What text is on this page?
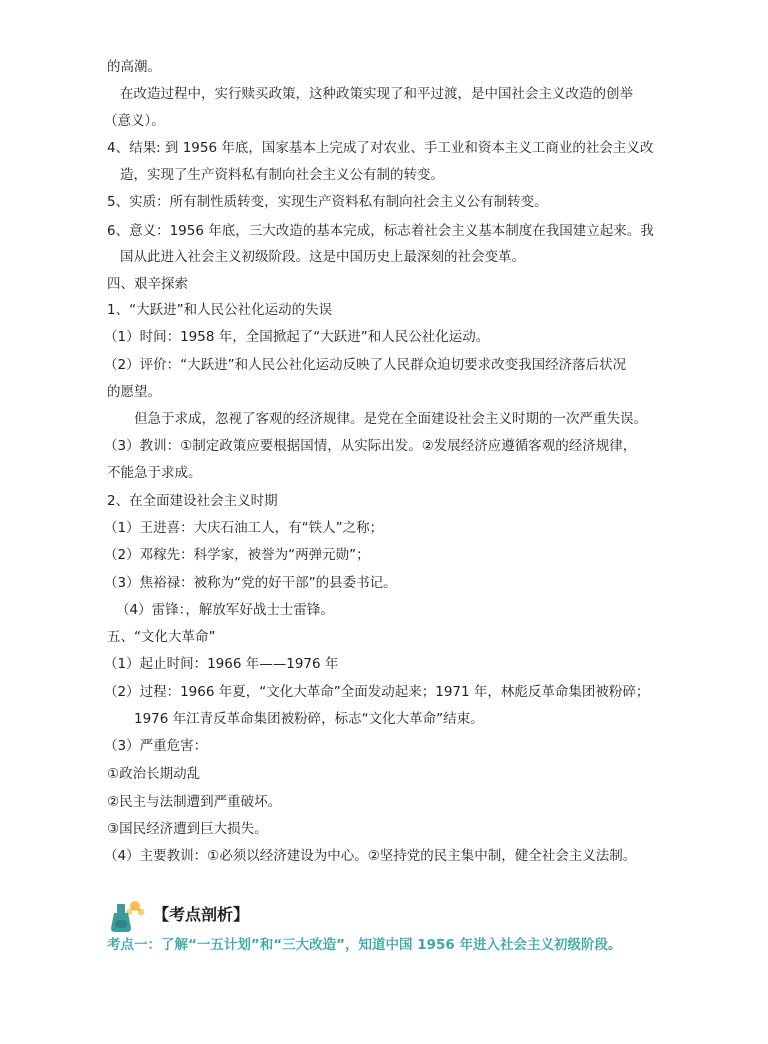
的高潮。
在改造过程中，实行赎买政策，这种政策实现了和平过渡，是中国社会主义改造的创举
（意义）。
4、结果: 到 1956 年底，国家基本上完成了对农业、手工业和资本主义工商业的社会主义改
造，实现了生产资料私有制向社会主义公有制的转变。
5、实质：所有制性质转变，实现生产资料私有制向社会主义公有制转变。
6、意义：1956 年底，三大改造的基本完成，标志着社会主义基本制度在我国建立起来。我
国从此进入社会主义初级阶段。这是中国历史上最深刻的社会变革。
四、艰辛探索
1、“大跃进”和人民公社化运动的失误
（1）时间：1958 年，全国掀起了“大跃进”和人民公社化运动。
（2）评价：“大跃进”和人民公社化运动反映了人民群众迫切要求改变我国经济落后状况
的愿望。
但急于求成，忽视了客观的经济规律。是党在全面建设社会主义时期的一次严重失误。
（3）教训：①制定政策应要根据国情，从实际出发。②发展经济应遵循客观的经济规律，
不能急于求成。
2、在全面建设社会主义时期
（1）王进喜：大庆石油工人，有“铁人”之称；
（2）邓稼先：科学家，被誉为“两弹元勋”；
（3）焦裕禄：被称为“党的好干部”的县委书记。
（4）雷锋：，解放军好战士士雷锋。
五、“文化大革命”
（1）起止时间：1966 年——1976 年
（2）过程：1966 年夏，“文化大革命”全面发动起来；1971 年，林彪反革命集团被粉碎；
1976 年江青反革命集团被粉碎，标志“文化大革命”结束。
（3）严重危害：
①政治长期动乱
②民主与法制遭到严重破坏。
③国民经济遭到巨大损失。
（4）主要教训：①必须以经济建设为中心。②坚持党的民主集中制，健全社会主义法制。
【考点剖析】
考点一：了解“一五计划”和“三大改造”，知道中国 1956 年进入社会主义初级阶段。
